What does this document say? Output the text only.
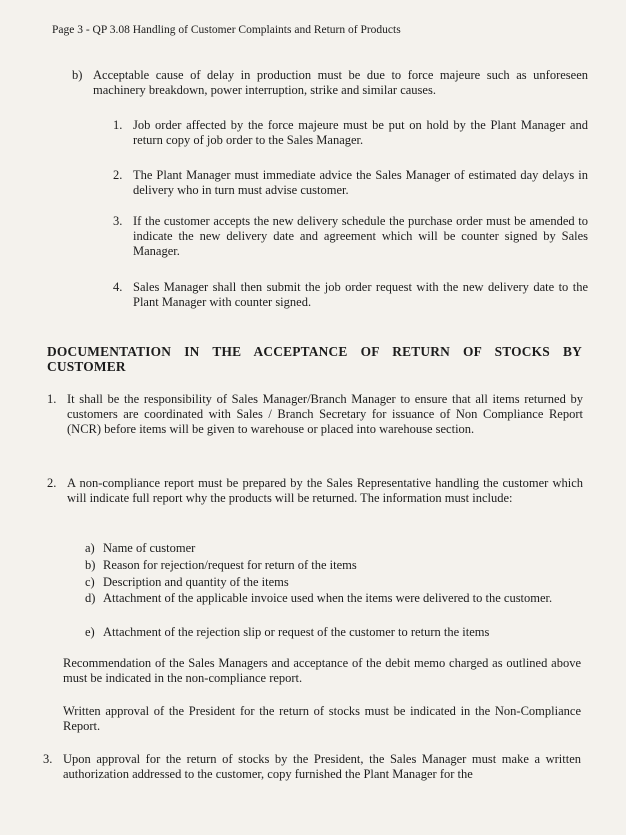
Page 3 - QP 3.08 Handling of Customer Complaints and Return of Products
b) Acceptable cause of delay in production must be due to force majeure such as unforeseen machinery breakdown, power interruption, strike and similar causes.
1. Job order affected by the force majeure must be put on hold by the Plant Manager and return copy of job order to the Sales Manager.
2. The Plant Manager must immediate advice the Sales Manager of estimated day delays in delivery who in turn must advise customer.
3. If the customer accepts the new delivery schedule the purchase order must be amended to indicate the new delivery date and agreement which will be counter signed by Sales Manager.
4. Sales Manager shall then submit the job order request with the new delivery date to the Plant Manager with counter signed.
DOCUMENTATION IN THE ACCEPTANCE OF RETURN OF STOCKS BY
CUSTOMER
1. It shall be the responsibility of Sales Manager/Branch Manager to ensure that all items returned by customers are coordinated with Sales / Branch Secretary for issuance of Non Compliance Report (NCR) before items will be given to warehouse or placed into warehouse section.
2. A non-compliance report must be prepared by the Sales Representative handling the customer which will indicate full report why the products will be returned. The information must include:
a) Name of customer
b) Reason for rejection/request for return of the items
c) Description and quantity of the items
d) Attachment of the applicable invoice used when the items were delivered to the customer.
e) Attachment of the rejection slip or request of the customer to return the items
Recommendation of the Sales Managers and acceptance of the debit memo charged as outlined above must be indicated in the non-compliance report.
Written approval of the President for the return of stocks must be indicated in the Non-Compliance Report.
3. Upon approval for the return of stocks by the President, the Sales Manager must make a written authorization addressed to the customer, copy furnished the Plant Manager for the
